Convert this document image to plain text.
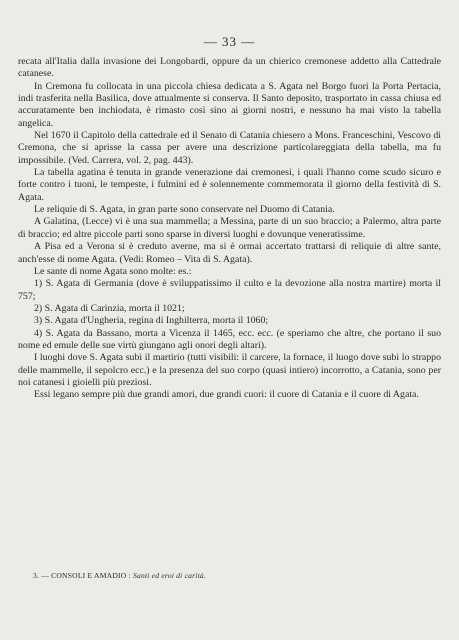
— 33 —

recata all'Italia dalla invasione dei Longobardi, oppure da un chierico cremonese addetto alla Cattedrale catanese.

In Cremona fu collocata in una piccola chiesa dedicata a S. Agata nel Borgo fuori la Porta Pertacia, indi trasferita nella Basilica, dove attualmente si conserva. Il Santo deposito, trasportato in cassa chiusa ed accuratamente ben inchiodata, è rimasto così sino ai giorni nostri, e nessuno ha mai visto la tabella angelica.

Nel 1670 il Capitolo della cattedrale ed il Senato di Catania chiesero a Mons. Franceschini, Vescovo di Cremona, che si aprisse la cassa per avere una descrizione particolareggiata della tabella, ma fu impossibile. (Ved. Carrera, vol. 2, pag. 443).

La tabella agatina è tenuta in grande venerazione dai cremonesi, i quali l'hanno come scudo sicuro e forte contro i tuoni, le tempeste, i fulmini ed è solennemente commemorata il giorno della festività di S. Agata.

Le reliquie di S. Agata, in gran parte sono conservate nel Duomo di Catania.

A Galatina, (Lecce) vi è una sua mammella; a Messina, parte di un suo braccio; a Palermo, altra parte di braccio; ed altre piccole parti sono sparse in diversi luoghi e dovunque veneratissime.

A Pisa ed a Verona si è creduto averne, ma si è ormai accertato trattarsi di reliquie di altre sante, anch'esse di nome Agata. (Vedi: Romeo – Vita di S. Agata).

Le sante di nome Agata sono molte: es.:

1) S. Agata di Germania (dove è sviluppatissimo il culto e la devozione alla nostra martire) morta il 757;

2) S. Agata di Carinzia, morta il 1021;

3) S. Agata d'Ungheria, regina di Inghilterra, morta il 1060;

4) S. Agata da Bassano, morta a Vicenza il 1465, ecc. ecc. (e speriamo che altre, che portano il suo nome ed emule delle sue virtù giungano agli onori degli altari).

I luoghi dove S. Agata subì il martirio (tutti visibili: il carcere, la fornace, il luogo dove subì lo strappo delle mammelle, il sepolcro ecc.) e la presenza del suo corpo (quasi intiero) incorrotto, a Catania, sono per noi catanesi i gioielli più preziosi.

Essi legano sempre più due grandi amori, due grandi cuori: il cuore di Catania e il cuore di Agata.

3. — CONSOLI E AMADIO : Santi ed eroi di carità.
